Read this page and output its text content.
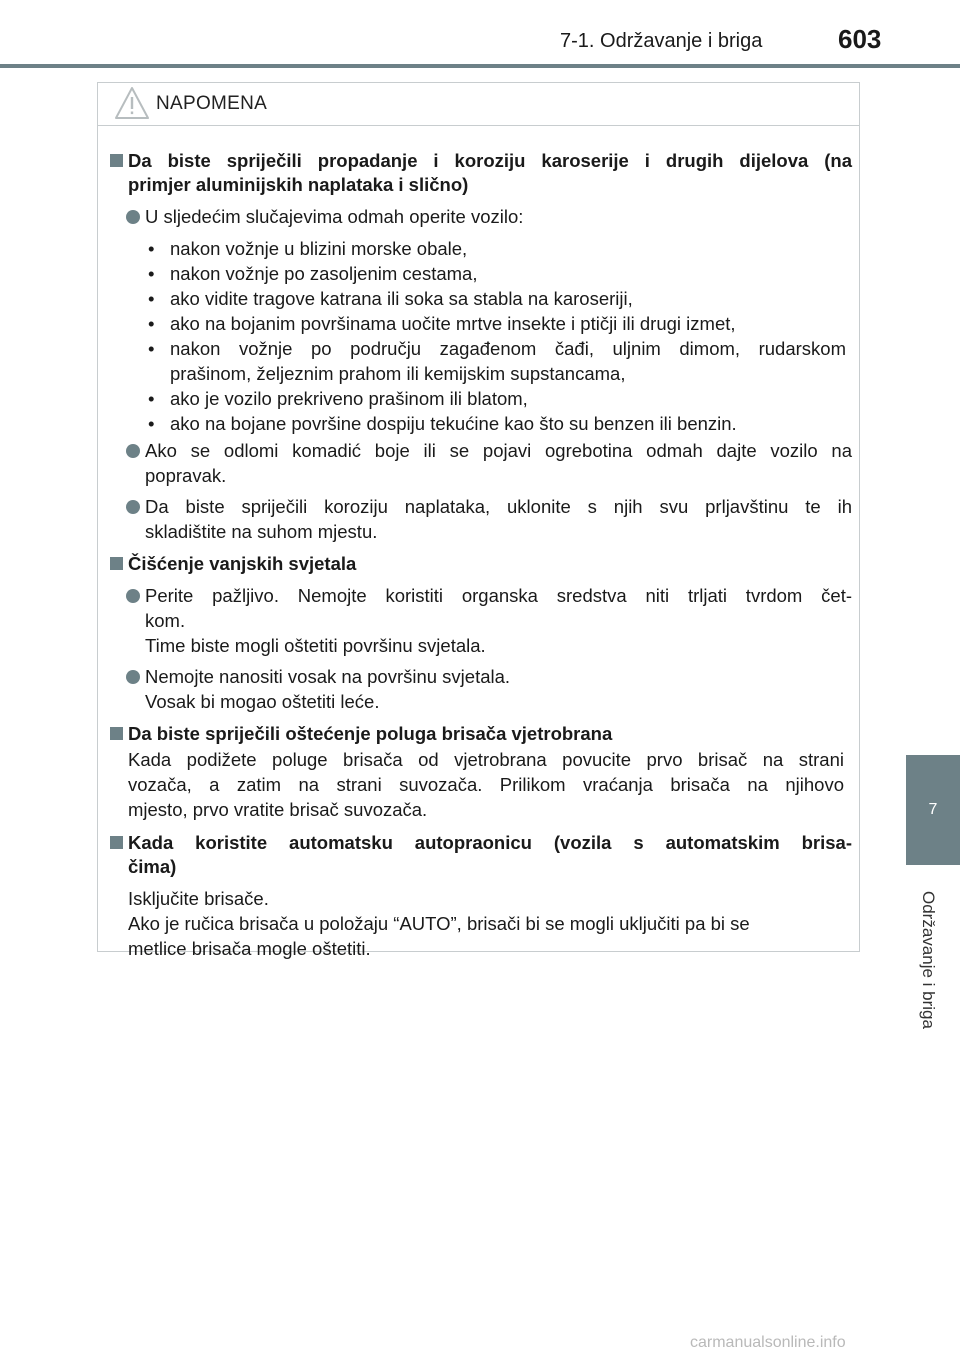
7-1. Održavanje i briga	603
7
Održavanje i briga
NAPOMENA
Da biste spriječili propadanje i koroziju karoserije i drugih dijelova (na
primjer aluminijskih naplataka i slično)
U sljedećim slučajevima odmah operite vozilo:
• nakon vožnje u blizini morske obale,
• nakon vožnje po zasoljenim cestama,
• ako vidite tragove katrana ili soka sa stabla na karoseriji,
• ako na bojanim površinama uočite mrtve insekte i ptičji ili drugi izmet,
• nakon vožnje po području zagađenom čađi, uljnim dimom, rudarskom
prašinom, željeznim prahom ili kemijskim supstancama,
• ako je vozilo prekriveno prašinom ili blatom,
• ako na bojane površine dospiju tekućine kao što su benzen ili benzin.
Ako se odlomi komadić boje ili se pojavi ogrebotina odmah dajte vozilo na
popravak.
Da biste spriječili koroziju naplataka, uklonite s njih svu prljavštinu te ih
skladištite na suhom mjestu.
Čišćenje vanjskih svjetala
Perite pažljivo. Nemojte koristiti organska sredstva niti trljati tvrdom čet-
kom.
Time biste mogli oštetiti površinu svjetala.
Nemojte nanositi vosak na površinu svjetala.
Vosak bi mogao oštetiti leće.
Da biste spriječili oštećenje poluga brisača vjetrobrana
Kada podižete poluge brisača od vjetrobrana povucite prvo brisač na strani
vozača, a zatim na strani suvozača. Prilikom vraćanja brisača na njihovo
mjesto, prvo vratite brisač suvozača.
Kada koristite automatsku autopraonicu (vozila s automatskim brisa-
čima)
Isključite brisače.
Ako je ručica brisača u položaju “AUTO”, brisači bi se mogli uključiti pa bi se
metlice brisača mogle oštetiti.
carmanualsonline.info
